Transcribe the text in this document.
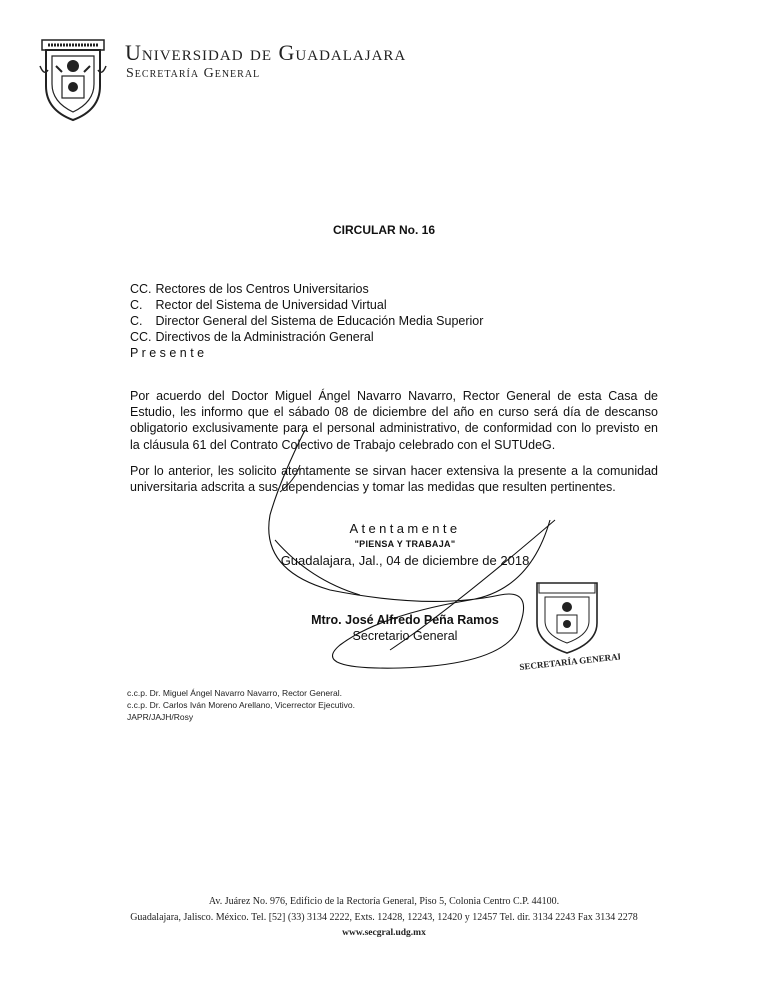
Universidad de Guadalajara
Secretaría General
CIRCULAR No. 16
CC. Rectores de los Centros Universitarios
C. Rector del Sistema de Universidad Virtual
C. Director General del Sistema de Educación Media Superior
CC. Directivos de la Administración General
P r e s e n t e
Por acuerdo del Doctor Miguel Ángel Navarro Navarro, Rector General de esta Casa de Estudio, les informo que el sábado 08 de diciembre del año en curso será día de descanso obligatorio exclusivamente para el personal administrativo, de conformidad con lo previsto en la cláusula 61 del Contrato Colectivo de Trabajo celebrado con el SUTUdeG.
Por lo anterior, les solicito atentamente se sirvan hacer extensiva la presente a la comunidad universitaria adscrita a sus dependencias y tomar las medidas que resulten pertinentes.
Atentamente
"PIENSA Y TRABAJA"
Guadalajara, Jal., 04 de diciembre de 2018
Mtro. José Alfredo Peña Ramos
Secretario General
SECRETARÍA GENERAL
c.c.p. Dr. Miguel Ángel Navarro Navarro, Rector General.
c.c.p. Dr. Carlos Iván Moreno Arellano, Vicerrector Ejecutivo.
JAPR/JAJH/Rosy
Av. Juárez No. 976, Edificio de la Rectoría General, Piso 5, Colonia Centro C.P. 44100.
Guadalajara, Jalisco. México. Tel. [52] (33) 3134 2222, Exts. 12428, 12243, 12420 y 12457 Tel. dir. 3134 2243 Fax 3134 2278
www.secgral.udg.mx
